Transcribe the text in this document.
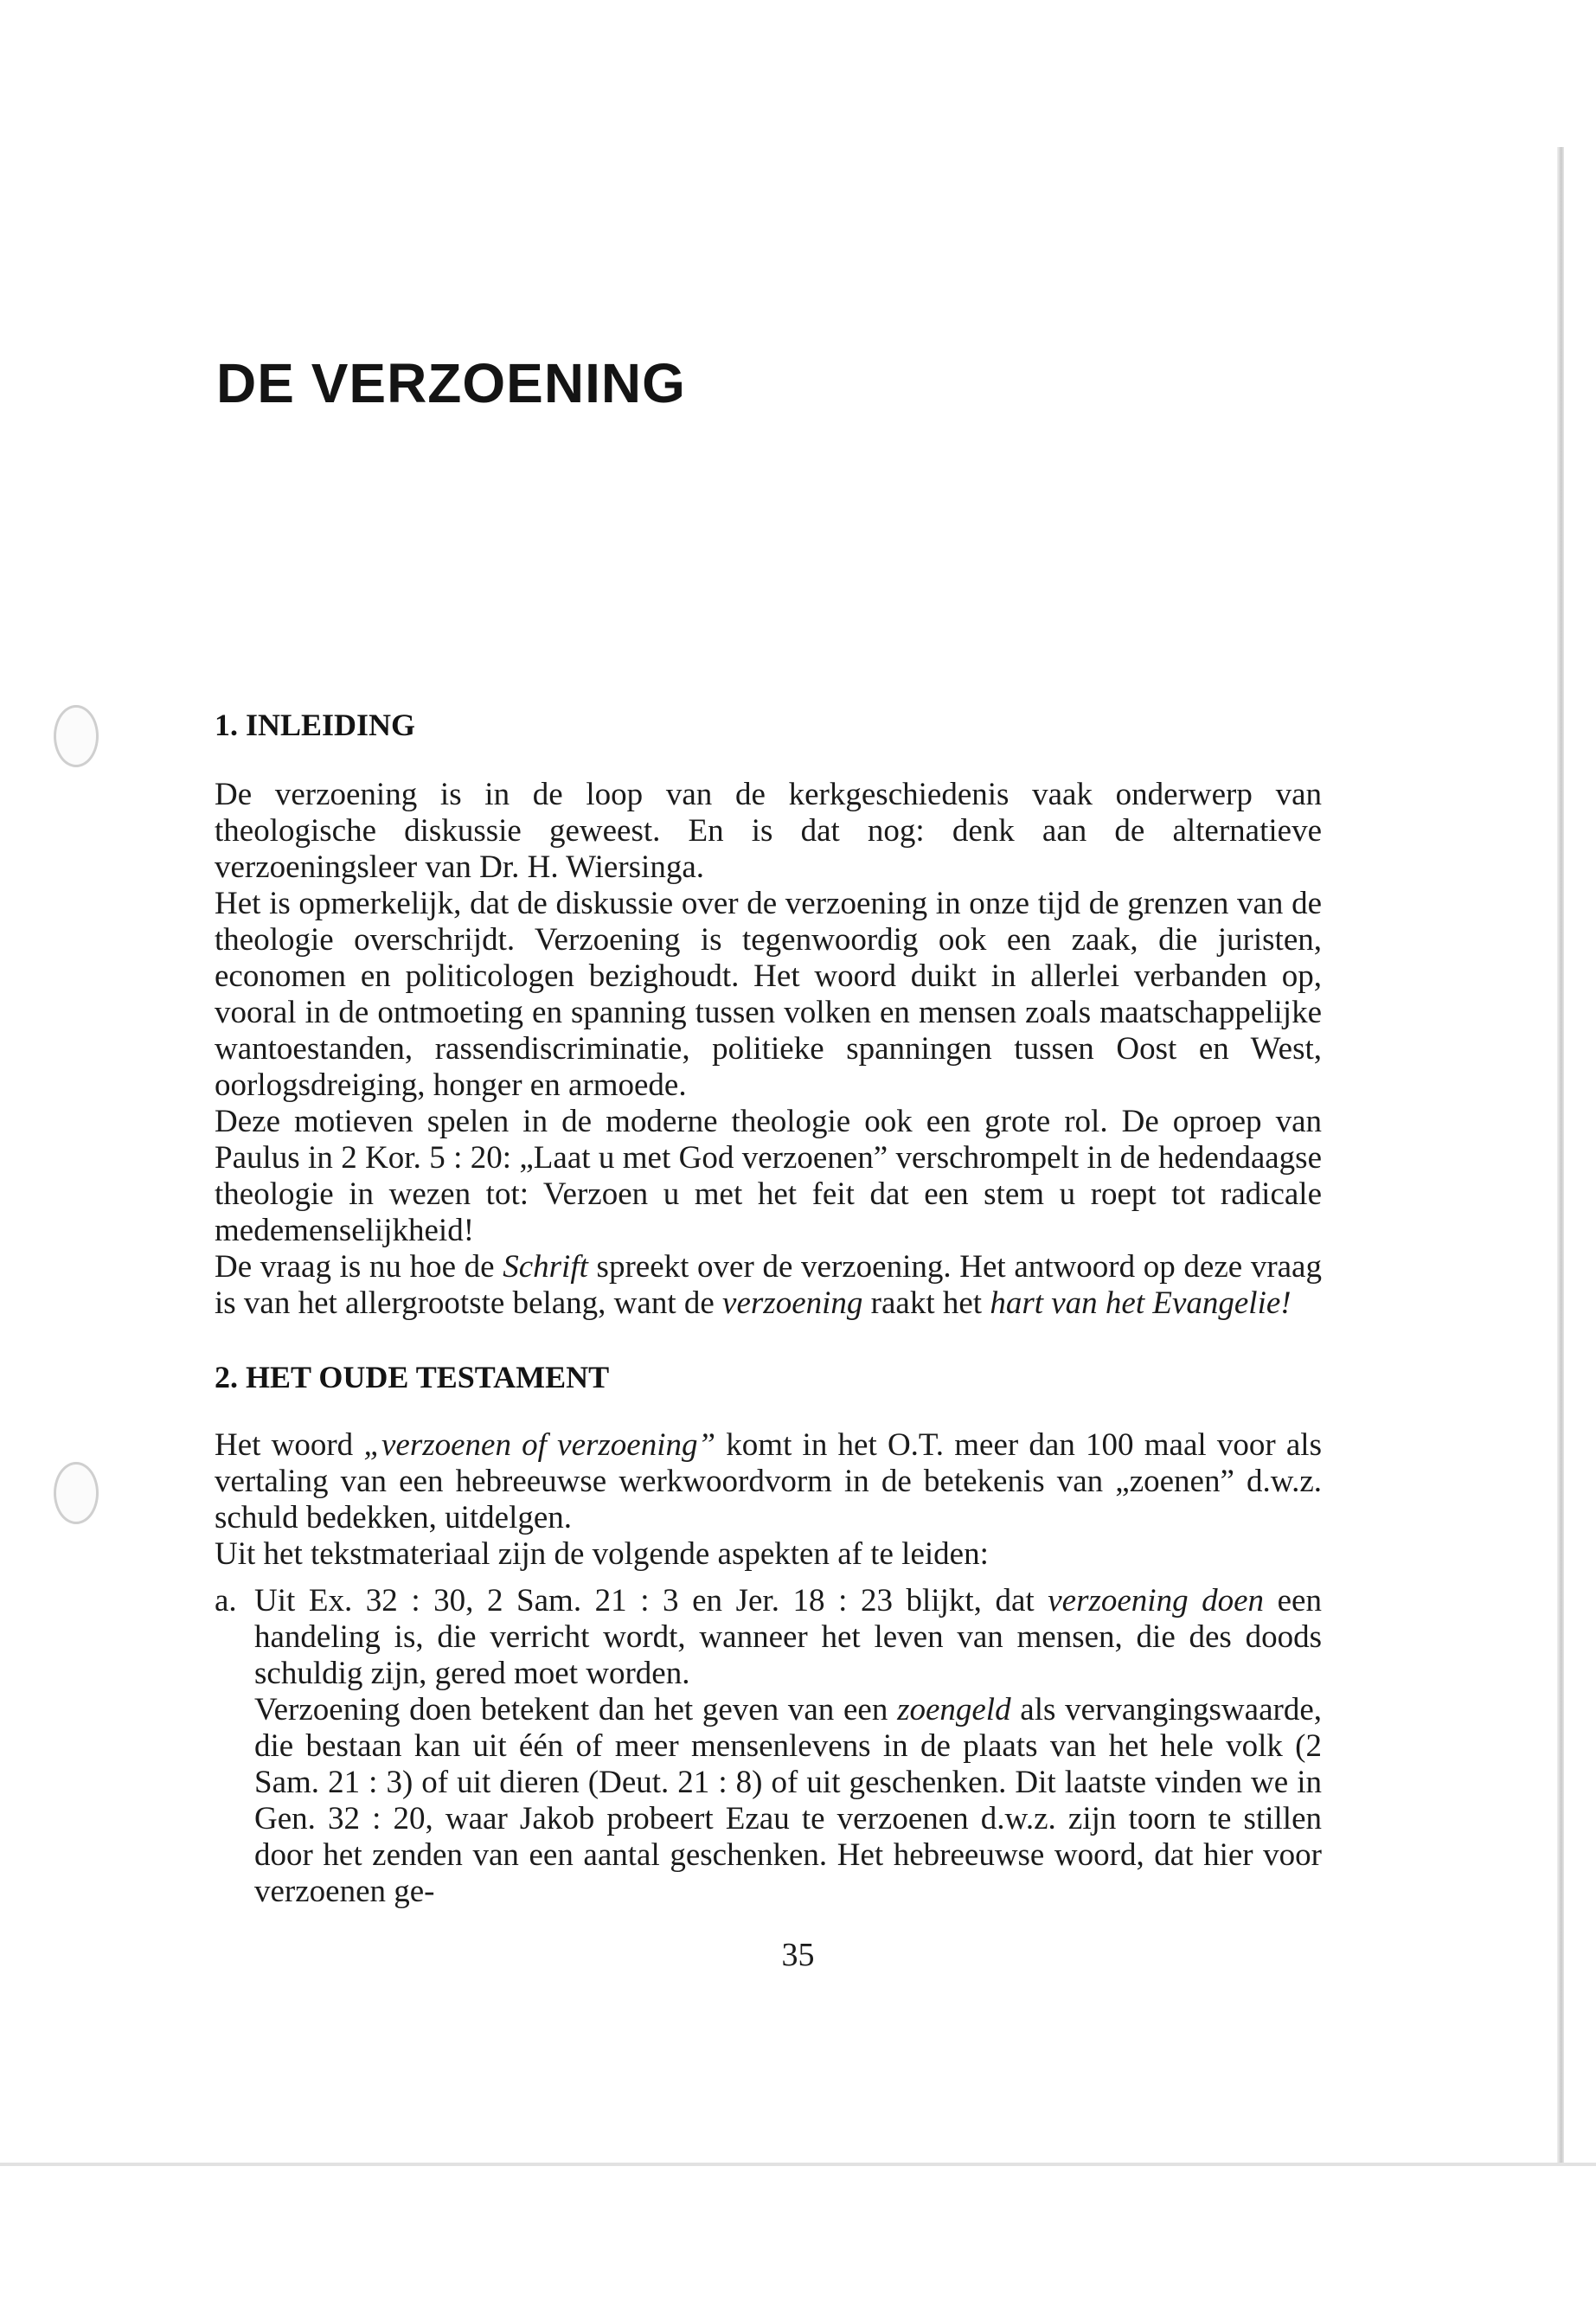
DE VERZOENING
1. INLEIDING

De verzoening is in de loop van de kerkgeschiedenis vaak onderwerp van theologische diskussie geweest. En is dat nog: denk aan de alternatieve verzoeningsleer van Dr. H. Wiersinga.

Het is opmerkelijk, dat de diskussie over de verzoening in onze tijd de grenzen van de theologie overschrijdt. Verzoening is tegenwoordig ook een zaak, die juristen, economen en politicologen bezighoudt. Het woord duikt in allerlei verbanden op, vooral in de ontmoeting en spanning tussen volken en mensen zoals maatschappelijke wantoestanden, rassendiscriminatie, politieke spanningen tussen Oost en West, oorlogsdreiging, honger en armoede.

Deze motieven spelen in de moderne theologie ook een grote rol. De oproep van Paulus in 2 Kor. 5 : 20: „Laat u met God verzoenen” verschrompelt in de hedendaagse theologie in wezen tot: Verzoen u met het feit dat een stem u roept tot radicale medemenselijkheid!

De vraag is nu hoe de Schrift spreekt over de verzoening. Het antwoord op deze vraag is van het allergrootste belang, want de verzoening raakt het hart van het Evangelie!

2. HET OUDE TESTAMENT

Het woord „verzoenen of verzoening” komt in het O.T. meer dan 100 maal voor als vertaling van een hebreeuwse werkwoordvorm in de betekenis van „zoenen” d.w.z. schuld bedekken, uitdelgen.

Uit het tekstmateriaal zijn de volgende aspekten af te leiden:

a. Uit Ex. 32 : 30, 2 Sam. 21 : 3 en Jer. 18 : 23 blijkt, dat verzoening doen een handeling is, die verricht wordt, wanneer het leven van mensen, die des doods schuldig zijn, gered moet worden.

Verzoening doen betekent dan het geven van een zoengeld als vervangingswaarde, die bestaan kan uit één of meer mensenlevens in de plaats van het hele volk (2 Sam. 21 : 3) of uit dieren (Deut. 21 : 8) of uit geschenken. Dit laatste vinden we in Gen. 32 : 20, waar Jakob probeert Ezau te verzoenen d.w.z. zijn toorn te stillen door het zenden van een aantal geschenken. Het hebreeuwse woord, dat hier voor verzoenen ge-

35
